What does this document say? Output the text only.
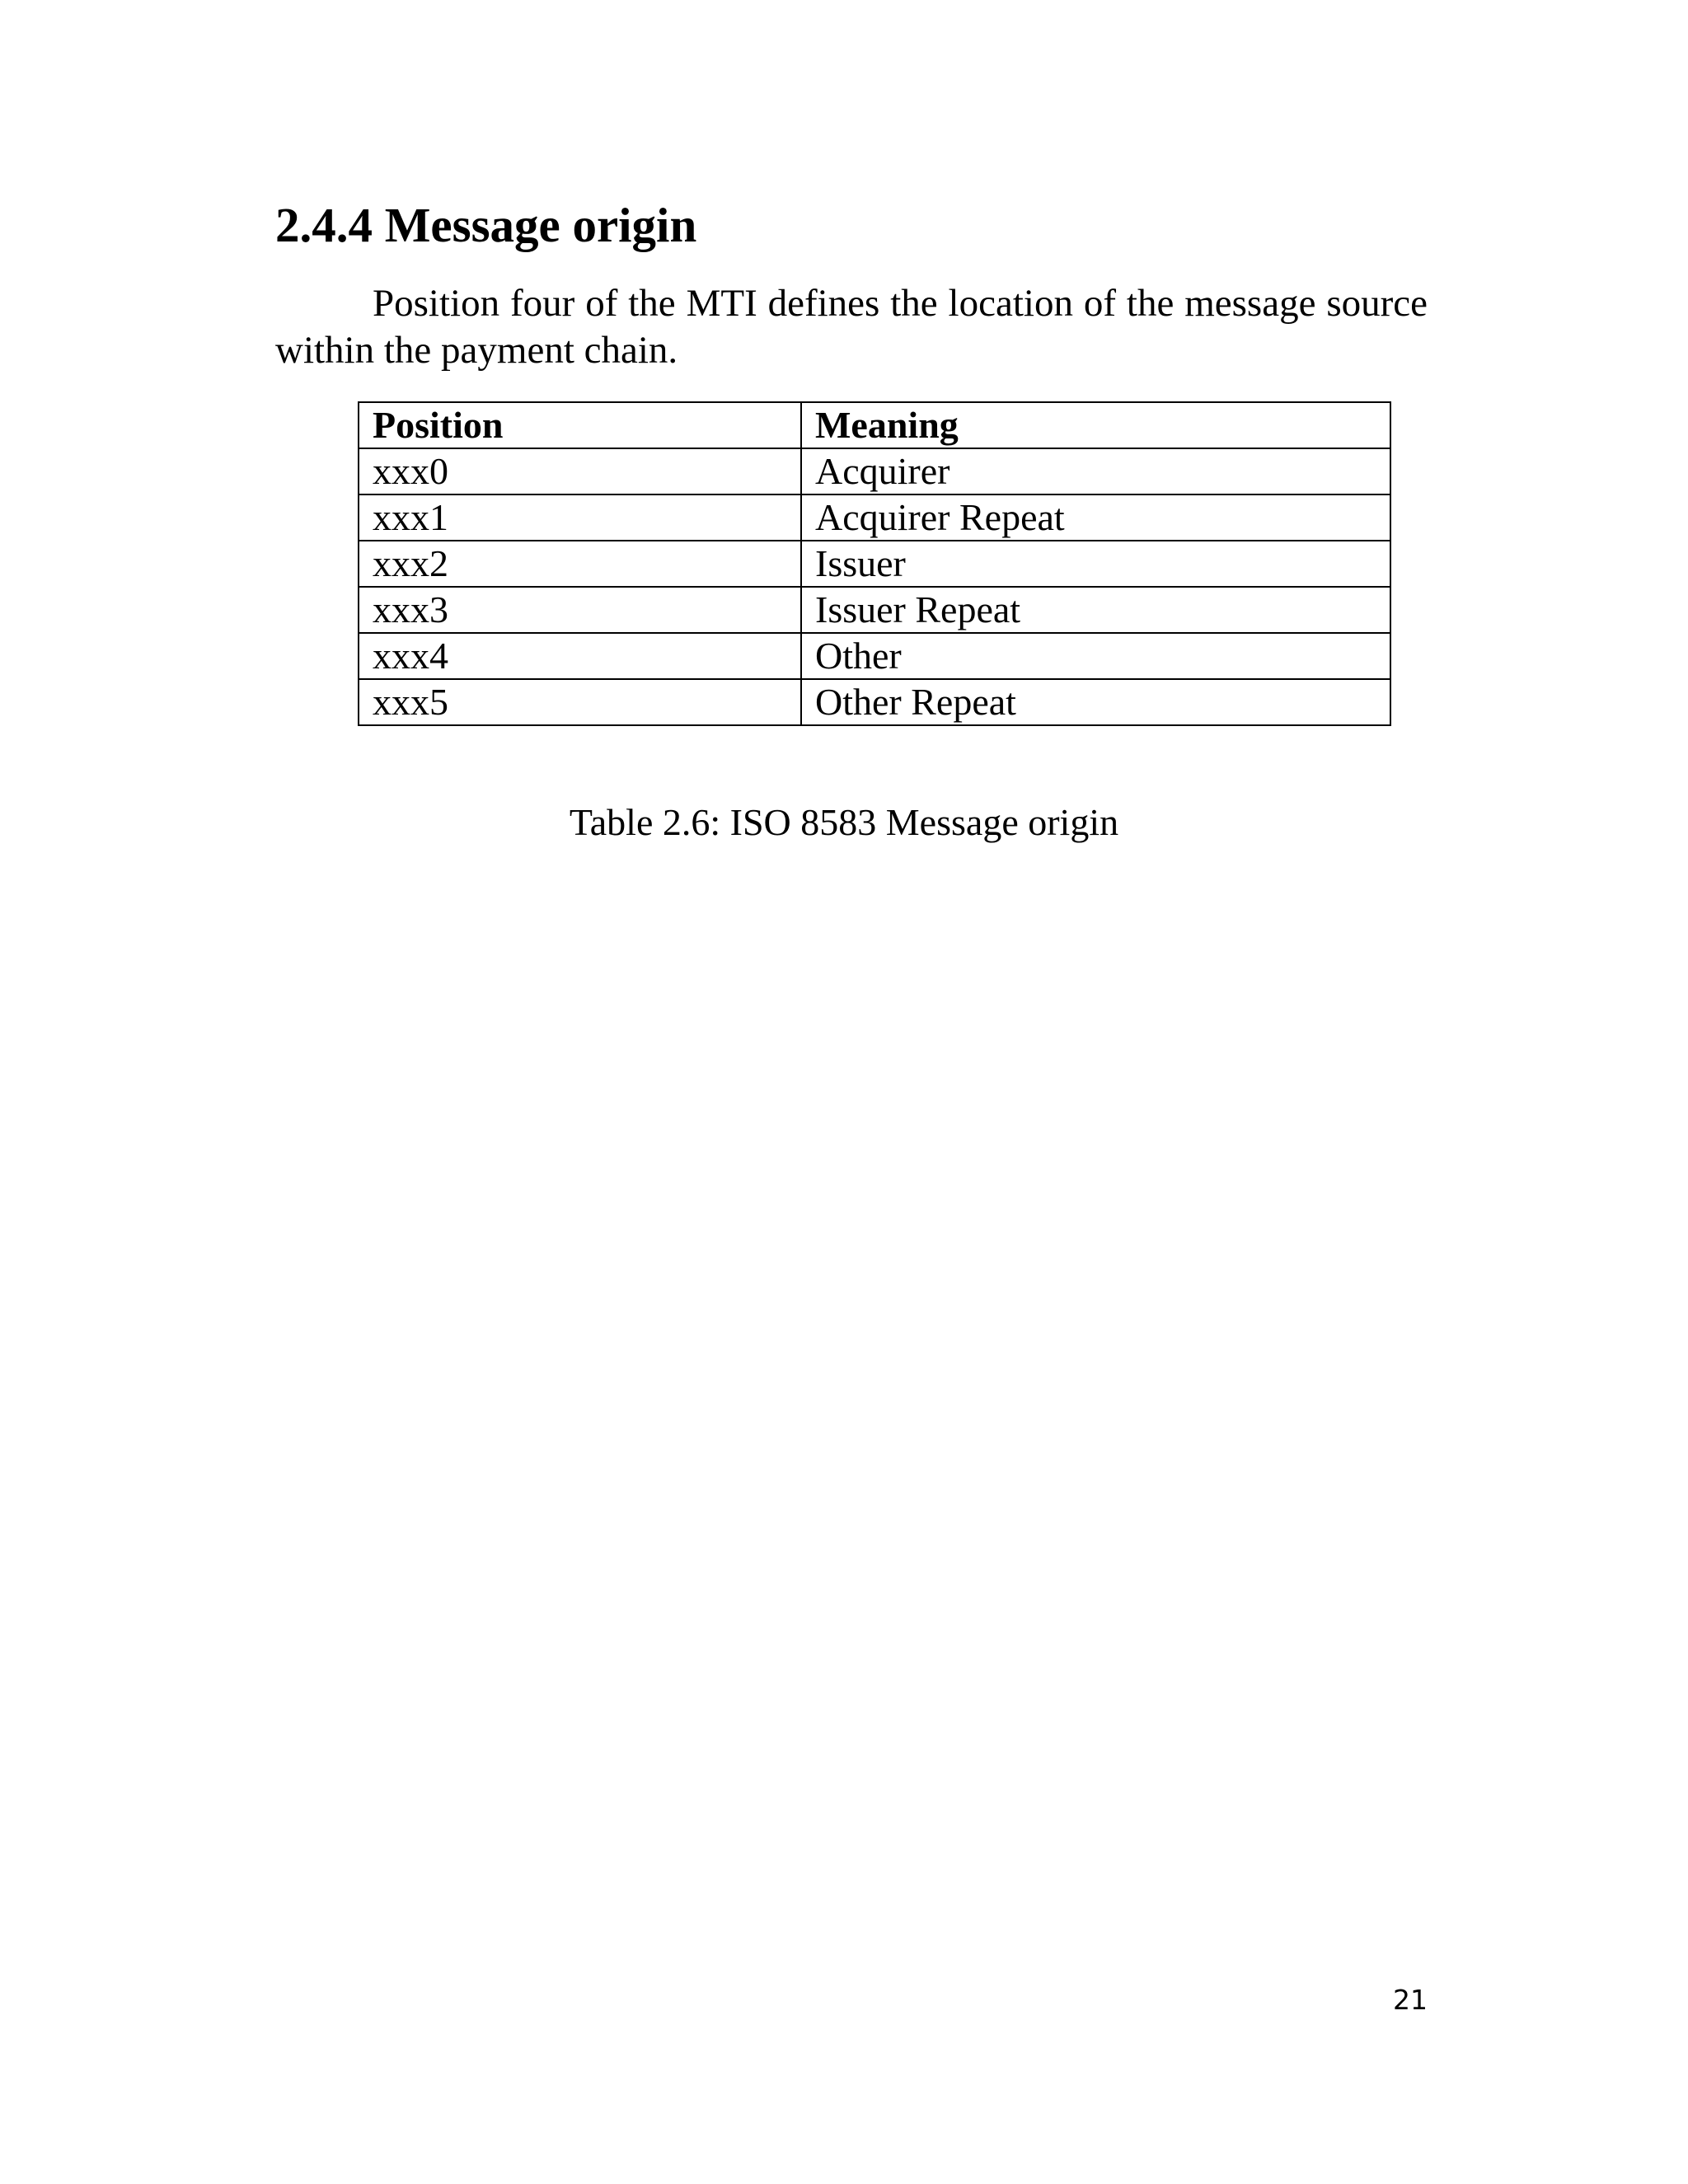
2.4.4 Message origin

Position four of the MTI defines the location of the message source within the payment chain.

Position	Meaning
xxx0	Acquirer
xxx1	Acquirer Repeat
xxx2	Issuer
xxx3	Issuer Repeat
xxx4	Other
xxx5	Other Repeat

Table 2.6: ISO 8583 Message origin

21
